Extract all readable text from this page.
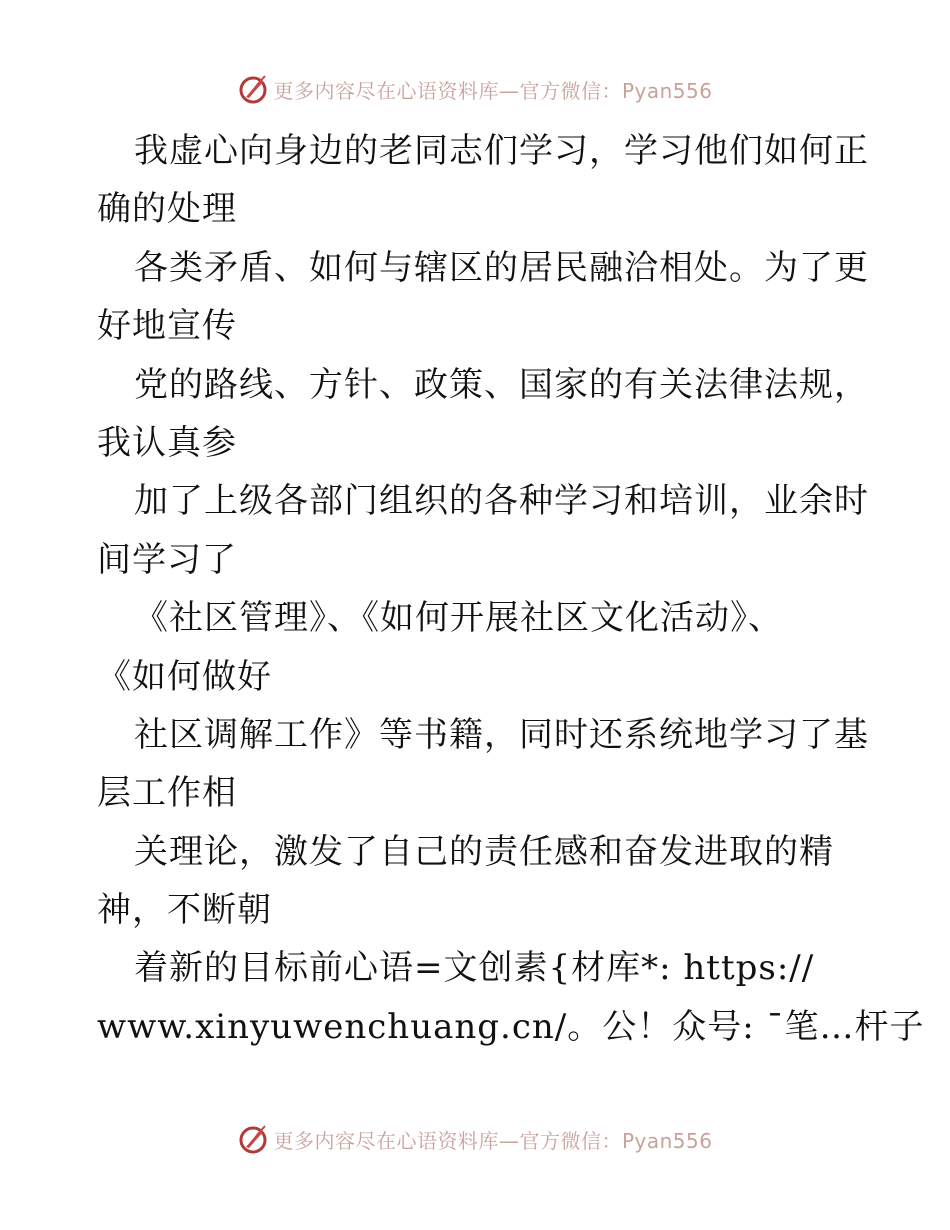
更多内容尽在心语资料库—官方微信：Pyan556
我虚心向身边的老同志们学习，学习他们如何正
确的处理
各类矛盾、如何与辖区的居民融洽相处。为了更
好地宣传
党的路线、方针、政策、国家的有关法律法规，
我认真参
加了上级各部门组织的各种学习和培训，业余时
间学习了
《社区管理》、《如何开展社区文化活动》、
《如何做好
社区调解工作》等书籍，同时还系统地学习了基
层工作相
关理论，激发了自己的责任感和奋发进取的精
神，不断朝
着新的目标前心语=文创素{材库*: https://
www.xinyuwenchuang.cn/。公！众号: ¯笔…杆子
更多内容尽在心语资料库—官方微信：Pyan556
